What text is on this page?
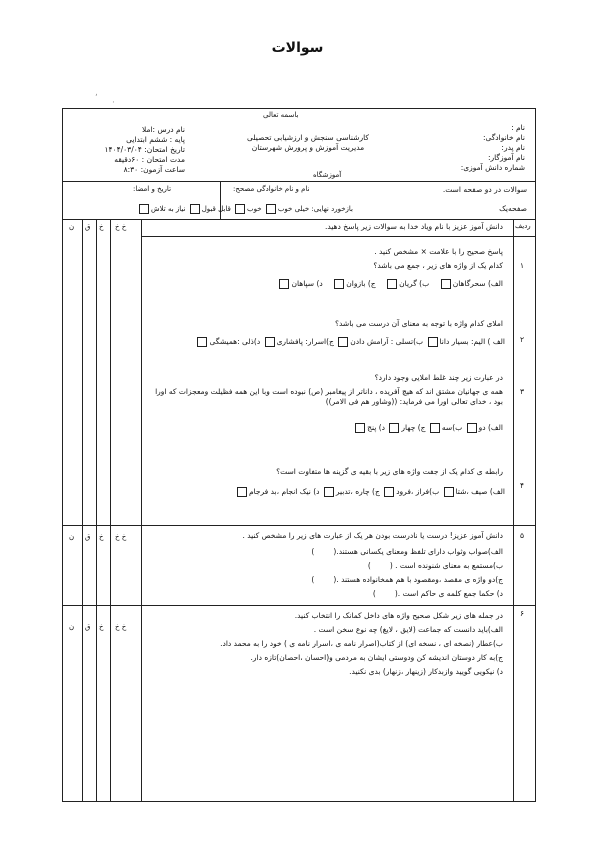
سوالات
,
·
باسمه تعالی
نام :
نام خانوادگی:
نام پدر:
نام آموزگار:
شماره دانش آموزی:
کارشناسی سنجش و ارزشیابی تحصیلی
مدیریت آموزش و پرورش شهرستان
آموزشگاه
نام درس :املا
پایه : ششم ابتدایی
تاریخ امتحان: ۱۴۰۴/۰۳/۰۴
مدت امتحان : ۶۰دقیقه
ساعت آزمون: ۸:۳۰
سوالات در دو صفحه است.
صفحه‌یک
نام و نام خانوادگی مصحح:
تاریخ و امضا:
بازخورد نهایی: خیلی خوب خوب قابل قبول نیاز به تلاش
خ خ
خ
ق
ن
خ خ
خ
ق
ن
خ خ
خ
ق
ن
ردیف
دانش آموز عزیز با نام ویاد خدا به سوالات زیر پاسخ دهید.
پاسخ صحیح را با علامت × مشخص کنید .
۱
کدام یک از واژه های زیر ، جمع می باشد؟
الف) سحرگاهان    ب) گریان    ج) بازوان    د) سپاهان
۲
املای کدام واژه با توجه به معنای آن درست می باشد؟
الف ) الیم: بسیار دانا ب)تسلی : آرامش دادن ج)اسرار: پافشاری د)ذلی :همیشگی
۳
در عبارت زیر چند غلط املایی وجود دارد؟
همه ی جهانیان مشتق اند که هیچ آفریده ، داناتر از پیغامبر (ص) نبوده است وبا این همه فظیلت ومعجزات که اورا بود ، خدای تعالی اورا می فرماید: ((وشاور هم فی الامر))
الف) دو ب)سه ج) چهار د) پنج
۴
رابطه ی کدام یک از جفت واژه های زیر با بقیه ی گزینه ها متفاوت است؟
الف) صیف ،شتا ب)فراز ،فرود ج) چاره ،تدبیر د) نیک انجام ،بد فرجام
۵
دانش آموز عزیز! درست یا نادرست بودن هر یک از عبارت های زیر را مشخص کنید .
الف)صواب وثواب دارای تلفظ ومعنای یکسانی هستند.(        )
ب)مستمع به معنای شنونده است . (        )
ج)دو واژه ی مقصد ،ومقصود با هم همخانواده هستند .(        )
د) حکما جمع کلمه ی حاکم است .(        )
۶
در جمله های زیر شکل صحیح واژه های داخل کمانک را انتخاب کنید.
الف)باید دانست که جماعت (لایق ، لایغ) چه نوع سخن است .
ب)عطار (نصخه ای ، نسخه ای) از کتاب(اصرار نامه ی ،اسرار نامه ی ) خود را به محمد داد.
ج)به کار دوستان اندیشه کن ودوستی ایشان به مردمی و(احسان ،احصان)تازه دار.
د) نیکویی گویید وازبدکار (زینهار ،زنهار) بدی نکنید.
